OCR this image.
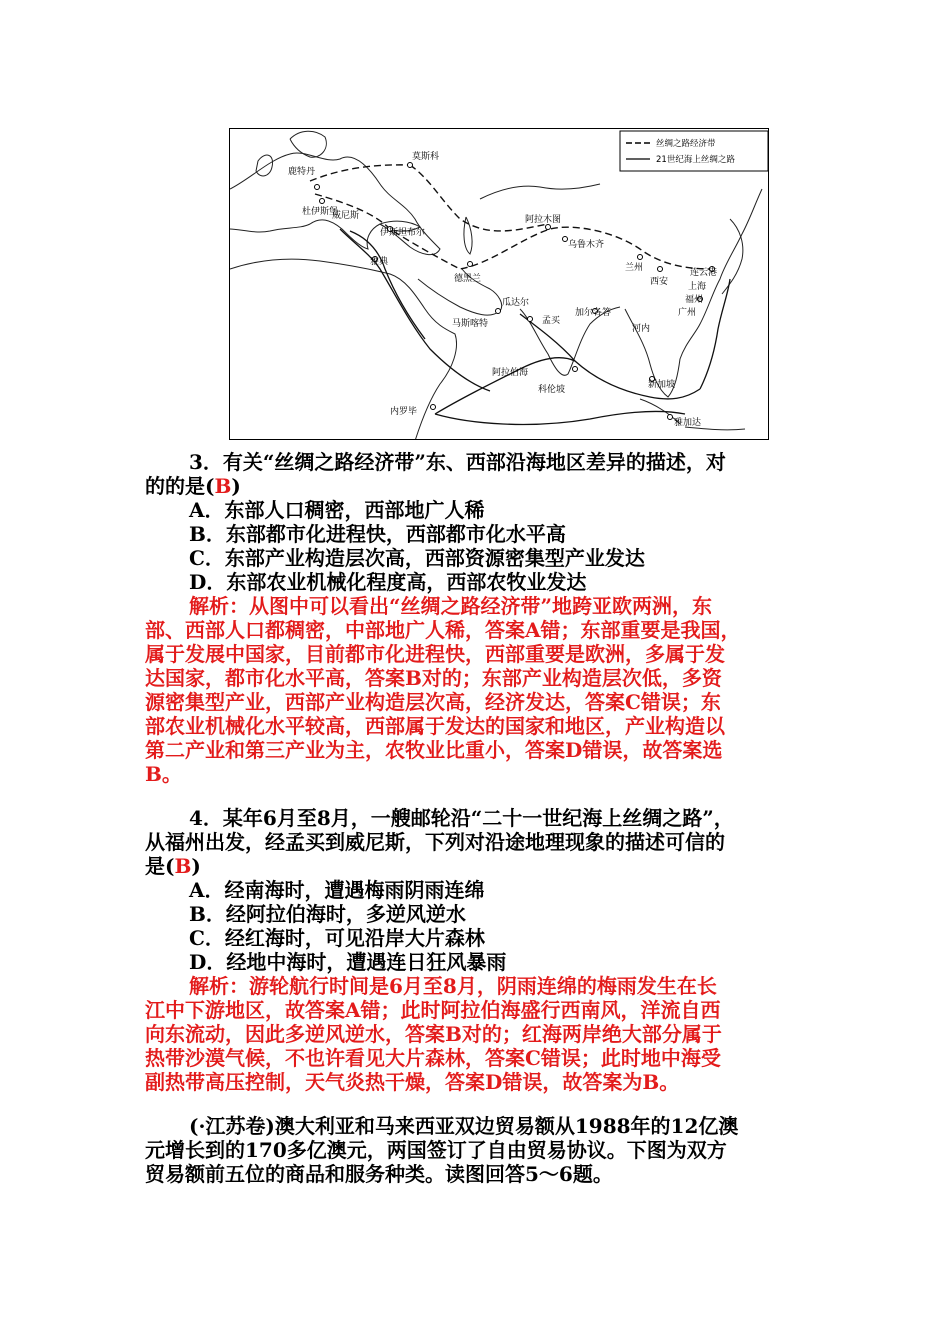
鹿特丹
莫斯科
杜伊斯堡
威尼斯
伊斯坦布尔
雅典
德黑兰
阿拉木图
乌鲁木齐
兰州
西安
连云港
上海
福州
广州
河内
加尔各答
瓜达尔
孟买
马斯喀特
阿拉伯海
科伦坡	新加坡
雅加达
内罗毕
丝绸之路经济带
21世纪海上丝绸之路
3．有关“丝绸之路经济带”东、西部沿海地区差异的描述，对
的的是(B)
A．东部人口稠密，西部地广人稀
B．东部都市化进程快，西部都市化水平高
C．东部产业构造层次高，西部资源密集型产业发达
D．东部农业机械化程度高，西部农牧业发达
解析：从图中可以看出“丝绸之路经济带”地跨亚欧两洲，东
部、西部人口都稠密，中部地广人稀，答案A错；东部重要是我国，
属于发展中国家，目前都市化进程快，西部重要是欧洲，多属于发
达国家，都市化水平高，答案B对的；东部产业构造层次低，多资
源密集型产业，西部产业构造层次高，经济发达，答案C错误；东
部农业机械化水平较高，西部属于发达的国家和地区，产业构造以
第二产业和第三产业为主，农牧业比重小，答案D错误，故答案选
B。
4．某年6月至8月，一艘邮轮沿“二十一世纪海上丝绸之路”，
从福州出发，经孟买到威尼斯，下列对沿途地理现象的描述可信的
是(B)
A．经南海时，遭遇梅雨阴雨连绵
B．经阿拉伯海时，多逆风逆水
C．经红海时，可见沿岸大片森林
D．经地中海时，遭遇连日狂风暴雨
解析：游轮航行时间是6月至8月，阴雨连绵的梅雨发生在长
江中下游地区，故答案A错；此时阿拉伯海盛行西南风，洋流自西
向东流动，因此多逆风逆水，答案B对的；红海两岸绝大部分属于
热带沙漠气候，不也许看见大片森林，答案C错误；此时地中海受
副热带高压控制，天气炎热干燥，答案D错误，故答案为B。
(·江苏卷)澳大利亚和马来西亚双边贸易额从1988年的12亿澳
元增长到的170多亿澳元，两国签订了自由贸易协议。下图为双方
贸易额前五位的商品和服务种类。读图回答5～6题。
